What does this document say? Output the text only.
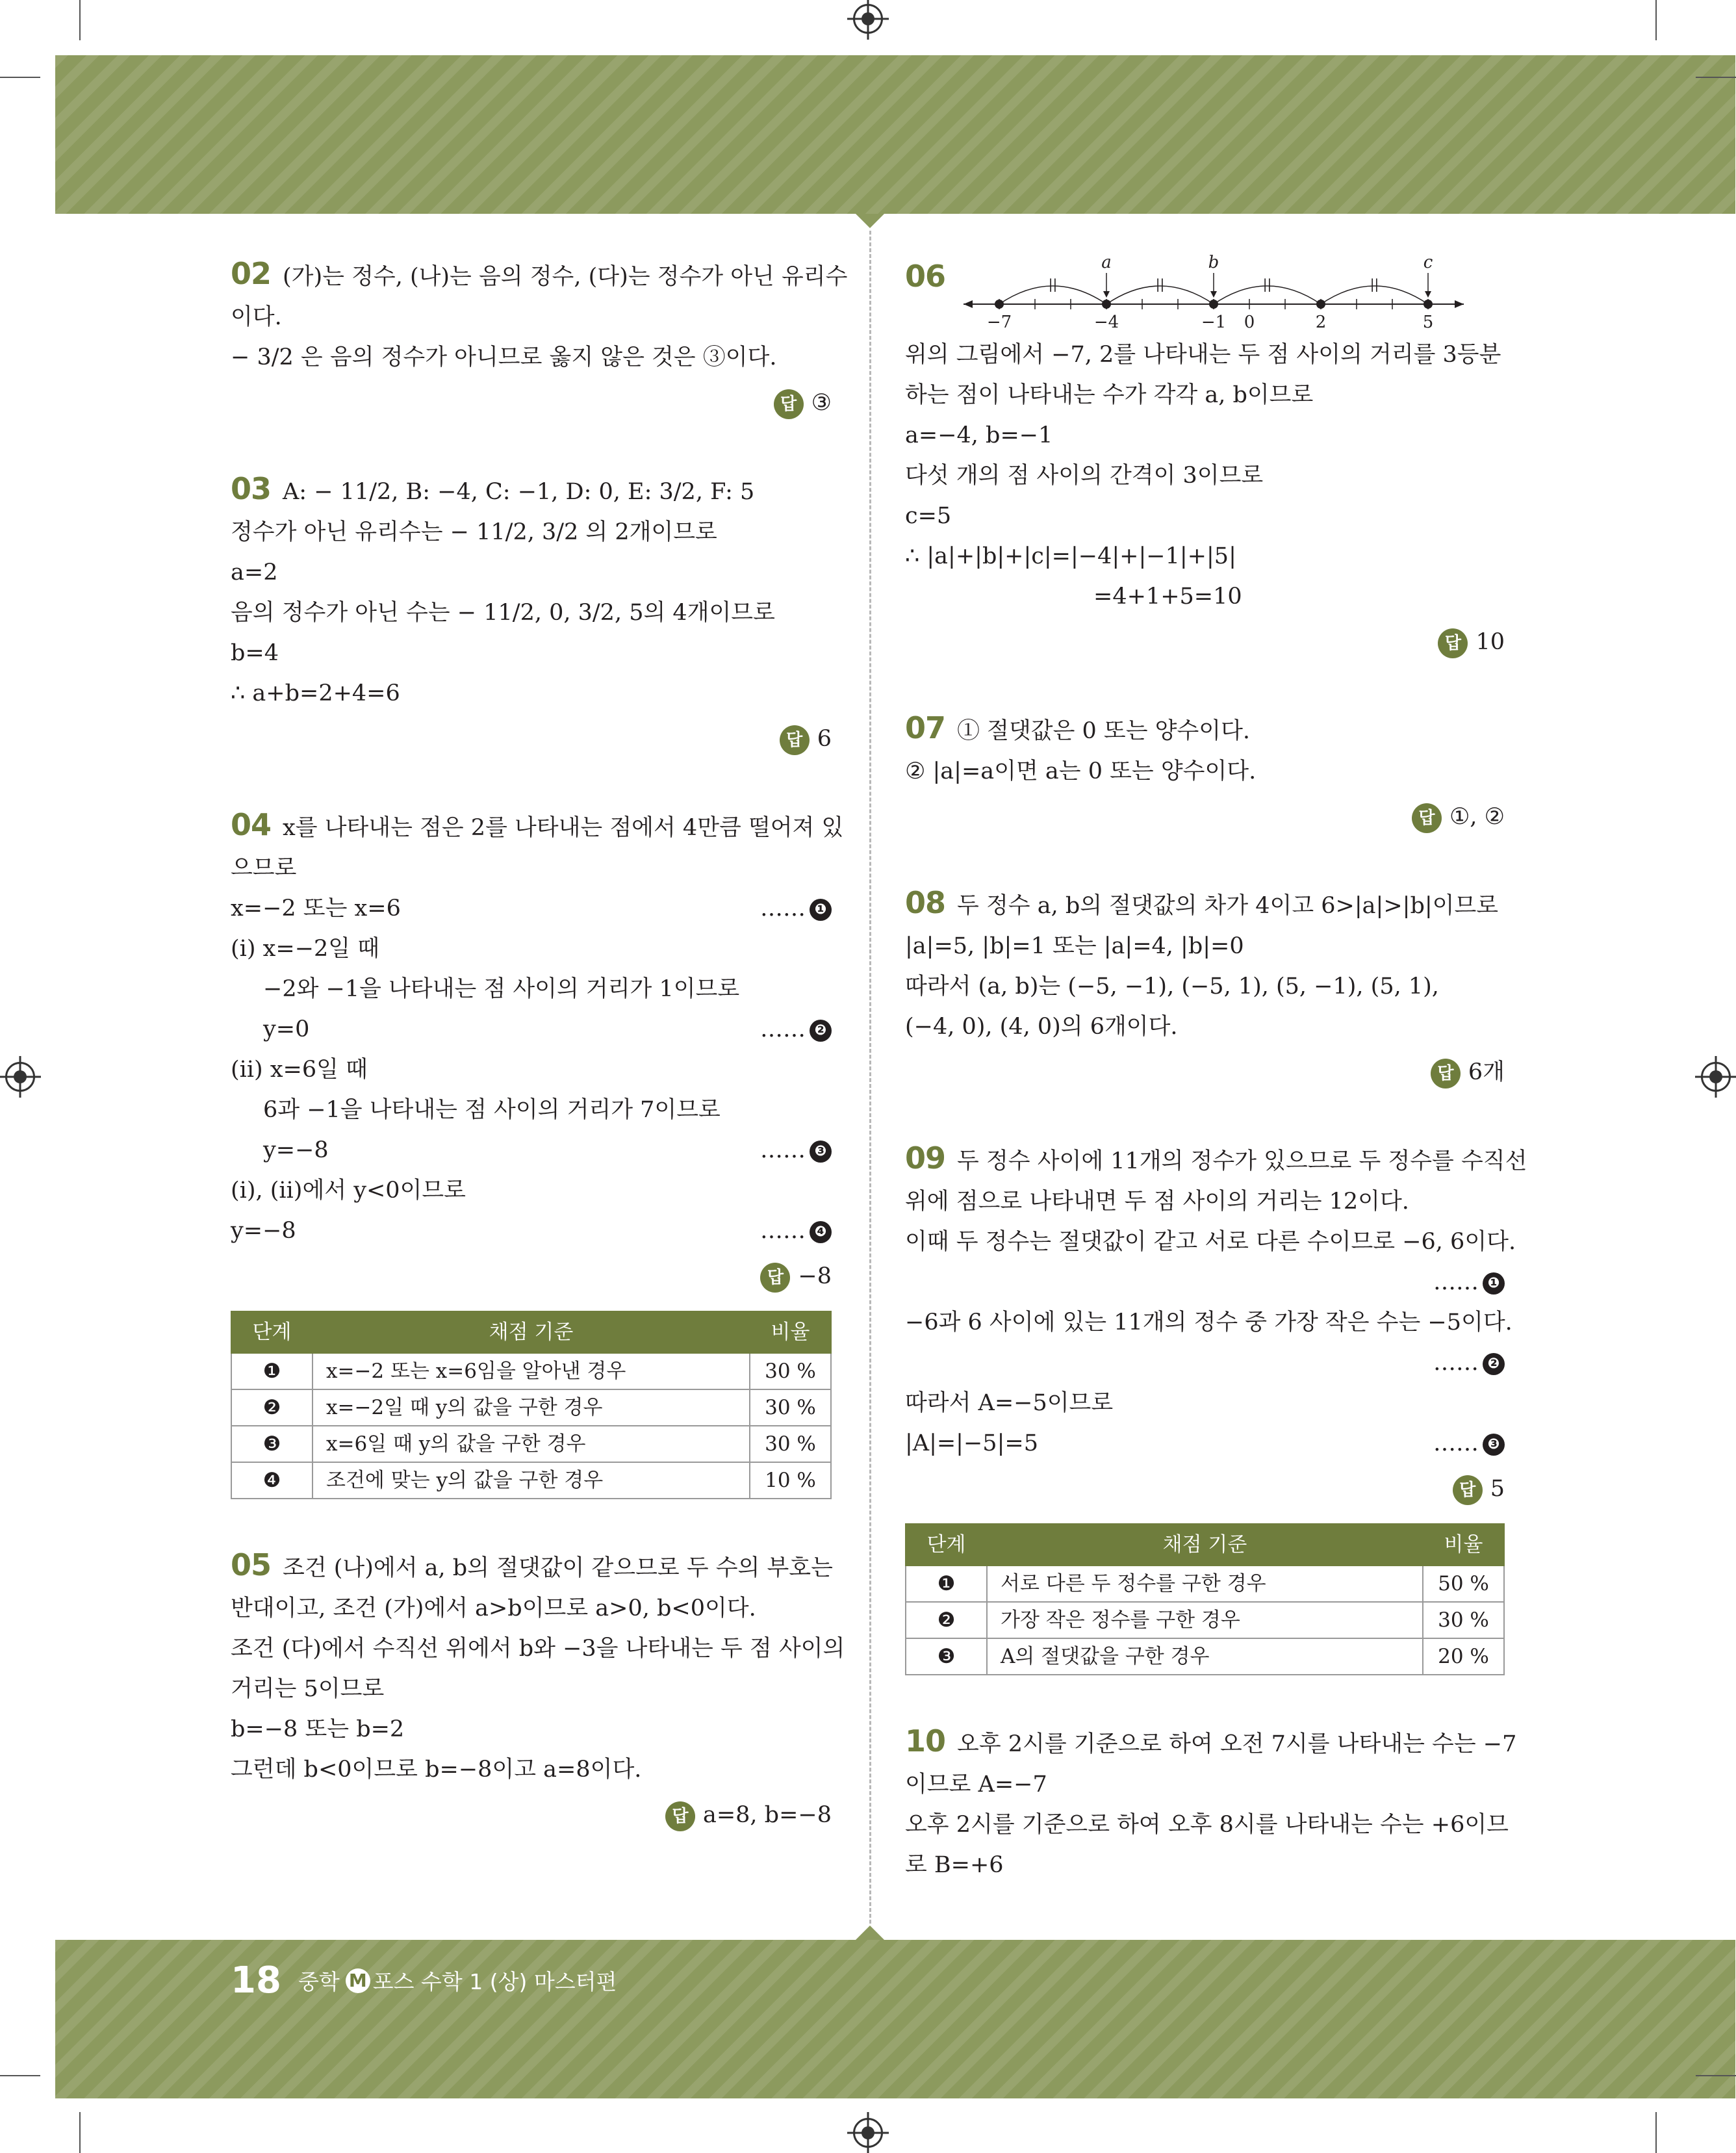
02 (가)는 정수, (나)는 음의 정수, (다)는 정수가 아닌 유리수
이다.
− 3/2 은 음의 정수가 아니므로 옳지 않은 것은 ③이다.
답 ③
03 A: − 11/2, B: −4, C: −1, D: 0, E: 3/2, F: 5
정수가 아닌 유리수는 − 11/2, 3/2 의 2개이므로
a=2
음의 정수가 아닌 수는 − 11/2, 0, 3/2, 5의 4개이므로
b=4
∴ a+b=2+4=6
답 6
04 x를 나타내는 점은 2를 나타내는 점에서 4만큼 떨어져 있
으므로
x=−2 또는 x=6	…… ❶
(ⅰ) x=−2일 때
−2와 −1을 나타내는 점 사이의 거리가 1이므로
y=0	…… ❷
(ⅱ) x=6일 때
6과 −1을 나타내는 점 사이의 거리가 7이므로
y=−8	…… ❸
(ⅰ), (ⅱ)에서 y<0이므로
y=−8	…… ❹
답 −8
단계	채점 기준	비율
❶	x=−2 또는 x=6임을 알아낸 경우	30 %
❷	x=−2일 때 y의 값을 구한 경우	30 %
❸	x=6일 때 y의 값을 구한 경우	30 %
❹	조건에 맞는 y의 값을 구한 경우	10 %
05 조건 (나)에서 a, b의 절댓값이 같으므로 두 수의 부호는
반대이고, 조건 (가)에서 a>b이므로 a>0, b<0이다.
조건 (다)에서 수직선 위에서 b와 −3을 나타내는 두 점 사이의
거리는 5이므로
b=−8 또는 b=2
그런데 b<0이므로 b=−8이고 a=8이다.
답 a=8, b=−8
06
−7	−4	−1 0	2	5
||	||	||	||
a	b	c
위의 그림에서 −7, 2를 나타내는 두 점 사이의 거리를 3등분
하는 점이 나타내는 수가 각각 a, b이므로
a=−4, b=−1
다섯 개의 점 사이의 간격이 3이므로
c=5
∴ |a|+|b|+|c|=|−4|+|−1|+|5|
=4+1+5=10
답 10
07 ① 절댓값은 0 또는 양수이다.
② |a|=a이면 a는 0 또는 양수이다.
답 ①, ②
08 두 정수 a, b의 절댓값의 차가 4이고 6>|a|>|b|이므로
|a|=5, |b|=1 또는 |a|=4, |b|=0
따라서 (a, b)는 (−5, −1), (−5, 1), (5, −1), (5, 1),
(−4, 0), (4, 0)의 6개이다.
답 6개
09 두 정수 사이에 11개의 정수가 있으므로 두 정수를 수직선
위에 점으로 나타내면 두 점 사이의 거리는 12이다.
이때 두 정수는 절댓값이 같고 서로 다른 수이므로 −6, 6이다.
…… ❶
−6과 6 사이에 있는 11개의 정수 중 가장 작은 수는 −5이다.
…… ❷
따라서 A=−5이므로
|A|=|−5|=5	…… ❸
답 5
단계	채점 기준	비율
❶	서로 다른 두 정수를 구한 경우	50 %
❷	가장 작은 정수를 구한 경우	30 %
❸	A의 절댓값을 구한 경우	20 %
10 오후 2시를 기준으로 하여 오전 7시를 나타내는 수는 −7
이므로 A=−7
오후 2시를 기준으로 하여 오후 8시를 나타내는 수는 +6이므
로 B=+6
18 중학 M 포스 수학 1 (상) 마스터편
